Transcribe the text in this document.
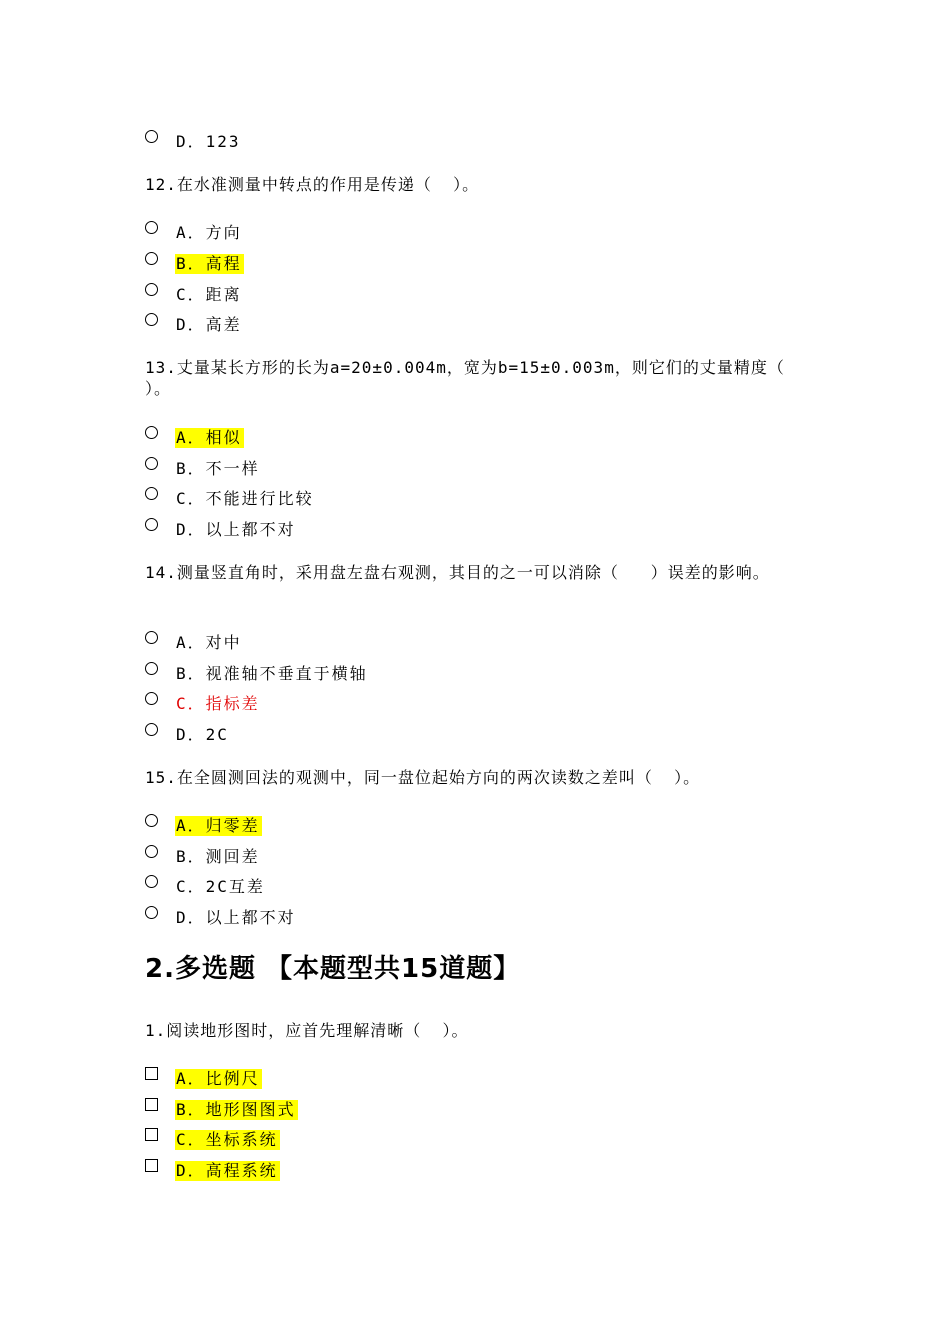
D．123
12.在水准测量中转点的作用是传递（  ）。
A．方向
B．高程
C．距离
D．高差
13.丈量某长方形的长为a=20±0.004m，宽为b=15±0.003m，则它们的丈量精度（  ）。
A．相似
B．不一样
C．不能进行比较
D．以上都不对
14.测量竖直角时，采用盘左盘右观测，其目的之一可以消除（   ）误差的影响。
A．对中
B．视准轴不垂直于横轴
C．指标差
D．2C
15.在全圆测回法的观测中，同一盘位起始方向的两次读数之差叫（  ）。
A．归零差
B．测回差
C．2C互差
D．以上都不对
2.多选题 【本题型共15道题】
1.阅读地形图时，应首先理解清晰（  ）。
A．比例尺
B．地形图图式
C．坐标系统
D．高程系统
